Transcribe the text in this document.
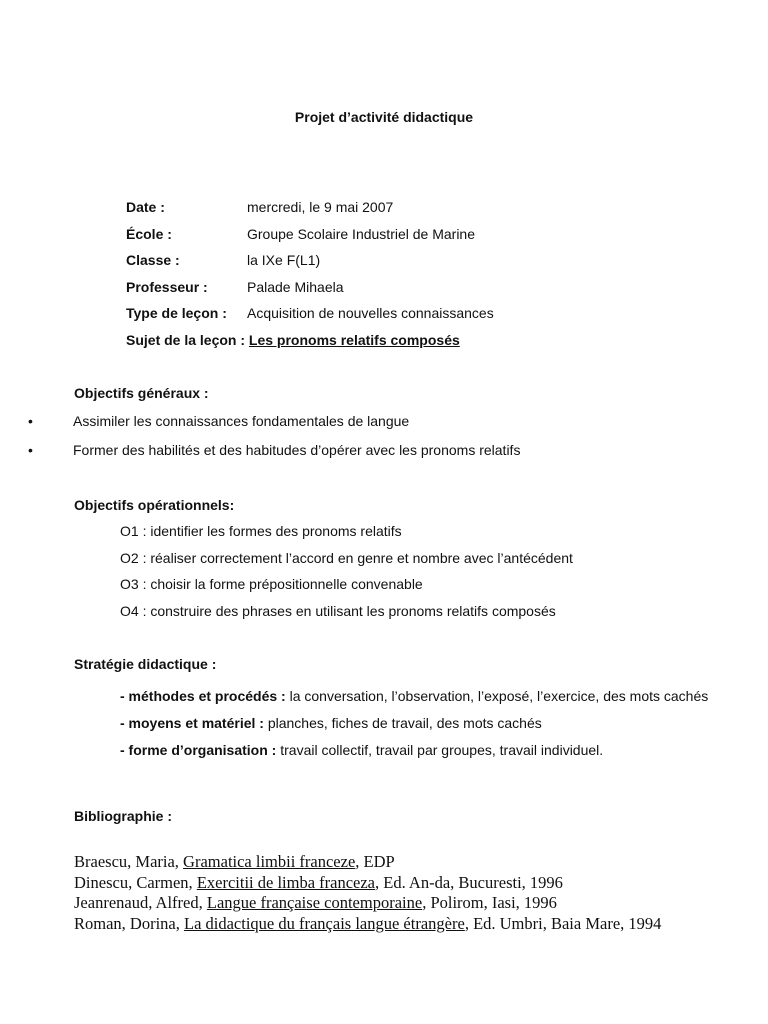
Projet d’activité didactique
Date :	mercredi, le 9 mai 2007
École :	Groupe Scolaire Industriel de Marine
Classe :	la IXe F(L1)
Professeur :	Palade Mihaela
Type de leçon : Acquisition de nouvelles connaissances
Sujet de la leçon : Les pronoms relatifs composés
Objectifs généraux :
•	Assimiler les connaissances fondamentales de langue
•	Former des habilités et des habitudes d’opérer avec les pronoms relatifs
Objectifs opérationnels:
O1 : identifier les formes des pronoms relatifs
O2 : réaliser correctement l’accord en genre et nombre avec l’antécédent
O3 : choisir la forme prépositionnelle convenable
O4 : construire des phrases en utilisant les pronoms relatifs composés
Stratégie didactique :
- méthodes et procédés : la conversation, l’observation, l’exposé, l’exercice, des mots cachés
- moyens et matériel : planches, fiches de travail, des mots cachés
- forme d’organisation : travail collectif, travail par groupes, travail individuel.
Bibliographie :
Braescu, Maria, Gramatica limbii franceze, EDP
Dinescu, Carmen, Exercitii de limba franceza, Ed. An-da, Bucuresti, 1996
Jeanrenaud, Alfred, Langue française contemporaine, Polirom, Iasi, 1996
Roman, Dorina, La didactique du français langue étrangère, Ed. Umbri, Baia Mare, 1994
